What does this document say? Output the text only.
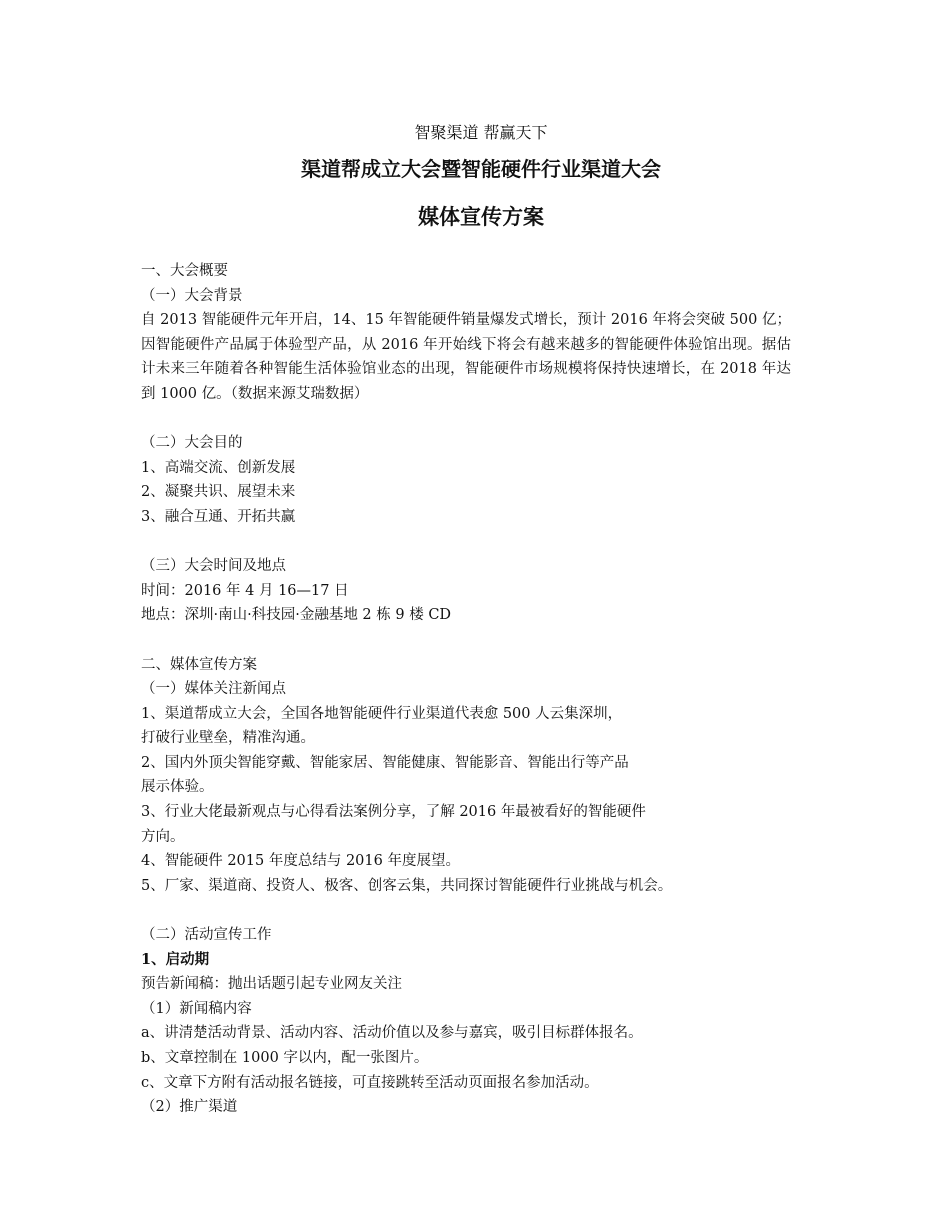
智聚渠道 帮赢天下

渠道帮成立大会暨智能硬件行业渠道大会

媒体宣传方案

一、大会概要
（一）大会背景
自 2013 智能硬件元年开启，14、15 年智能硬件销量爆发式增长，预计 2016 年将会突破 500 亿；因智能硬件产品属于体验型产品，从 2016 年开始线下将会有越来越多的智能硬件体验馆出现。据估计未来三年随着各种智能生活体验馆业态的出现，智能硬件市场规模将保持快速增长，在 2018 年达到 1000 亿。（数据来源艾瑞数据）
（二）大会目的
1、高端交流、创新发展
2、凝聚共识、展望未来
3、融合互通、开拓共赢
（三）大会时间及地点
时间：2016 年 4 月 16—17 日
地点：深圳·南山·科技园·金融基地 2 栋 9 楼 CD
二、媒体宣传方案
（一）媒体关注新闻点
1、渠道帮成立大会，全国各地智能硬件行业渠道代表愈 500 人云集深圳，
打破行业壁垒，精准沟通。
2、国内外顶尖智能穿戴、智能家居、智能健康、智能影音、智能出行等产品
展示体验。
3、行业大佬最新观点与心得看法案例分享，了解 2016 年最被看好的智能硬件
方向。
4、智能硬件 2015 年度总结与 2016 年度展望。
5、厂家、渠道商、投资人、极客、创客云集，共同探讨智能硬件行业挑战与机会。
（二）活动宣传工作
1、启动期
预告新闻稿：抛出话题引起专业网友关注
（1）新闻稿内容
a、讲清楚活动背景、活动内容、活动价值以及参与嘉宾，吸引目标群体报名。
b、文章控制在 1000 字以内，配一张图片。
c、文章下方附有活动报名链接，可直接跳转至活动页面报名参加活动。
（2）推广渠道
